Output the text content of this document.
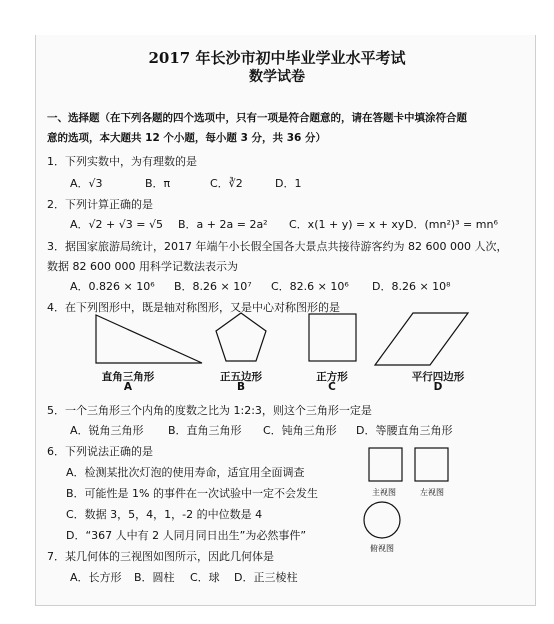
2017 年长沙市初中毕业学业水平考试
数学试卷
一、选择题（在下列各题的四个选项中，只有一项是符合题意的，请在答题卡中填涂符合题
意的选项，本大题共 12 个小题，每小题 3 分，共 36 分）
1．下列实数中，为有理数的是
A．√3	B．π	C．∛2	D．1
2．下列计算正确的是
A．√2 + √3 = √5 B．a + 2a = 2a² C．x(1 + y) = x + xy D．(mn²)³ = mn⁶
3．据国家旅游局统计，2017 年端午小长假全国各大景点共接待游客约为 82 600 000 人次，
数据 82 600 000 用科学记数法表示为
A．0.826 × 10⁶ B．8.26 × 10⁷ C．82.6 × 10⁶ D．8.26 × 10⁸
4．在下列图形中，既是轴对称图形，又是中心对称图形的是
直角三角形
A
正五边形
B
正方形
C
平行四边形
D
5．一个三角形三个内角的度数之比为 1:2:3，则这个三角形一定是
A．锐角三角形 B．直角三角形 C．钝角三角形 D．等腰直角三角形
6．下列说法正确的是
A．检测某批次灯泡的使用寿命，适宜用全面调查
B．可能性是 1% 的事件在一次试验中一定不会发生
C．数据 3，5，4，1，-2 的中位数是 4
D．“367 人中有 2 人同月同日出生”为必然事件”
主视图	左视图
俯视图
7．某几何体的三视图如图所示，因此几何体是
A．长方形 B．圆柱 C．球 D．正三棱柱
